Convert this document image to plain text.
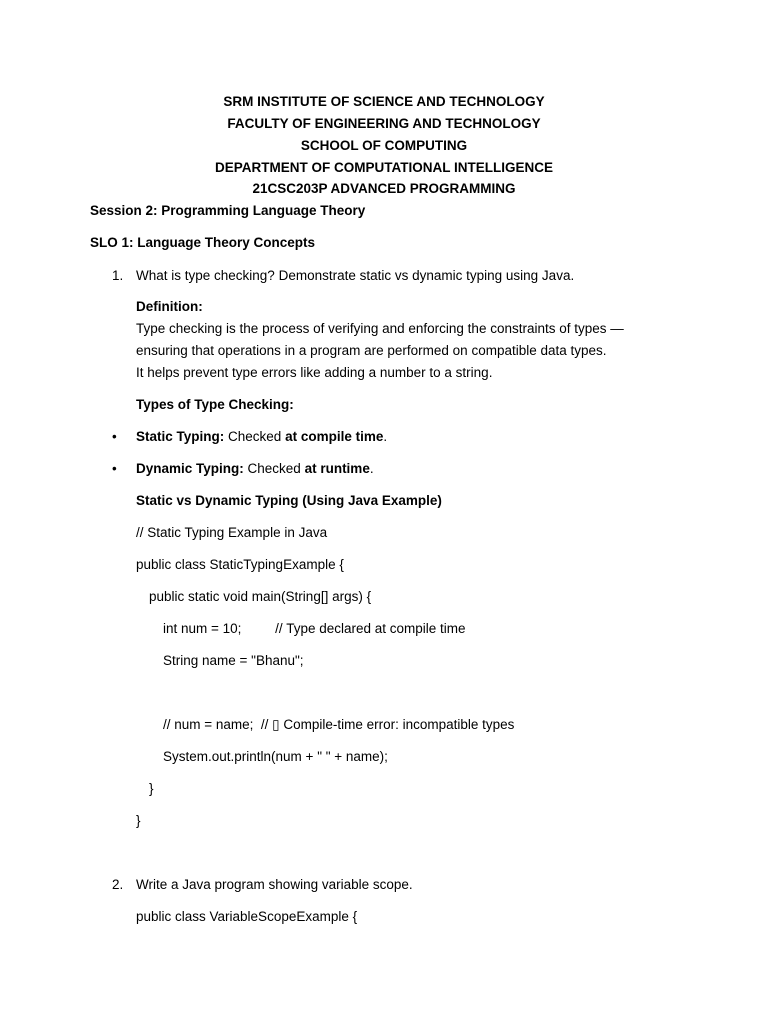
SRM INSTITUTE OF SCIENCE AND TECHNOLOGY
FACULTY OF ENGINEERING AND TECHNOLOGY
SCHOOL OF COMPUTING
DEPARTMENT OF COMPUTATIONAL INTELLIGENCE
21CSC203P ADVANCED PROGRAMMING
Session 2: Programming Language Theory
SLO 1: Language Theory Concepts
1. What is type checking? Demonstrate static vs dynamic typing using Java.
Definition:
Type checking is the process of verifying and enforcing the constraints of types —
ensuring that operations in a program are performed on compatible data types.
It helps prevent type errors like adding a number to a string.
Types of Type Checking:
• Static Typing: Checked at compile time.
• Dynamic Typing: Checked at runtime.
Static vs Dynamic Typing (Using Java Example)
// Static Typing Example in Java
public class StaticTypingExample {
public static void main(String[] args) {
int num = 10;         // Type declared at compile time
String name = "Bhanu";
// num = name;  // ▯ Compile-time error: incompatible types
System.out.println(num + " " + name);
}
}
2. Write a Java program showing variable scope.
public class VariableScopeExample {
